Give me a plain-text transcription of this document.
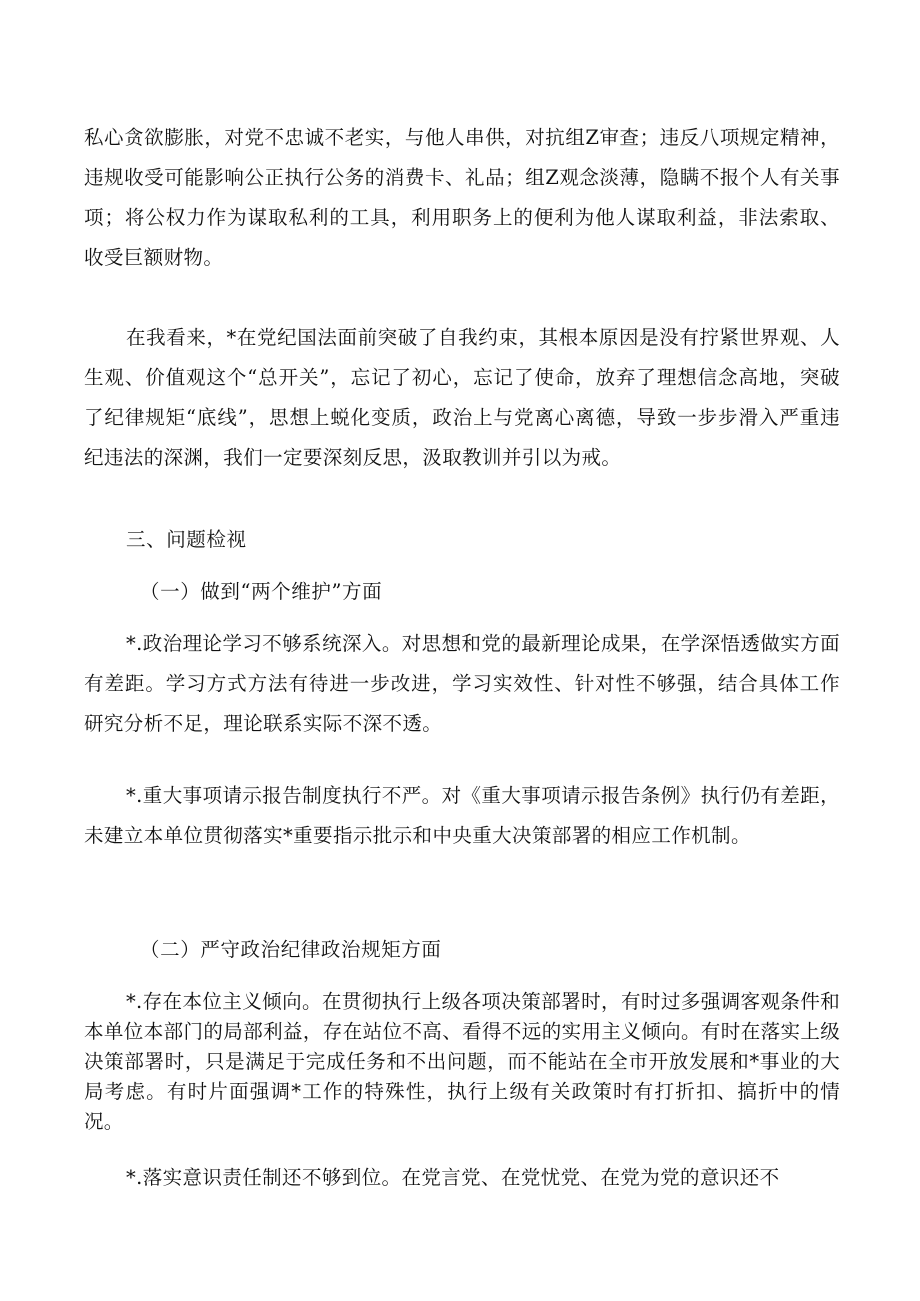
私心贪欲膨胀，对党不忠诚不老实，与他人串供，对抗组Z审查；违反八项规定精神，违规收受可能影响公正执行公务的消费卡、礼品；组Z观念淡薄，隐瞒不报个人有关事项；将公权力作为谋取私利的工具，利用职务上的便利为他人谋取利益，非法索取、收受巨额财物。

在我看来，*在党纪国法面前突破了自我约束，其根本原因是没有拧紧世界观、人生观、价值观这个“总开关”，忘记了初心，忘记了使命，放弃了理想信念高地，突破了纪律规矩“底线”，思想上蜕化变质，政治上与党离心离德，导致一步步滑入严重违纪违法的深渊，我们一定要深刻反思，汲取教训并引以为戒。

三、问题检视

（一）做到“两个维护”方面

*.政治理论学习不够系统深入。对思想和党的最新理论成果，在学深悟透做实方面有差距。学习方式方法有待进一步改进，学习实效性、针对性不够强，结合具体工作研究分析不足，理论联系实际不深不透。

*.重大事项请示报告制度执行不严。对《重大事项请示报告条例》执行仍有差距，未建立本单位贯彻落实*重要指示批示和中央重大决策部署的相应工作机制。

（二）严守政治纪律政治规矩方面

*.存在本位主义倾向。在贯彻执行上级各项决策部署时，有时过多强调客观条件和本单位本部门的局部利益，存在站位不高、看得不远的实用主义倾向。有时在落实上级决策部署时，只是满足于完成任务和不出问题，而不能站在全市开放发展和*事业的大局考虑。有时片面强调*工作的特殊性，执行上级有关政策时有打折扣、搞折中的情况。

*.落实意识责任制还不够到位。在党言党、在党忧党、在党为党的意识还不
